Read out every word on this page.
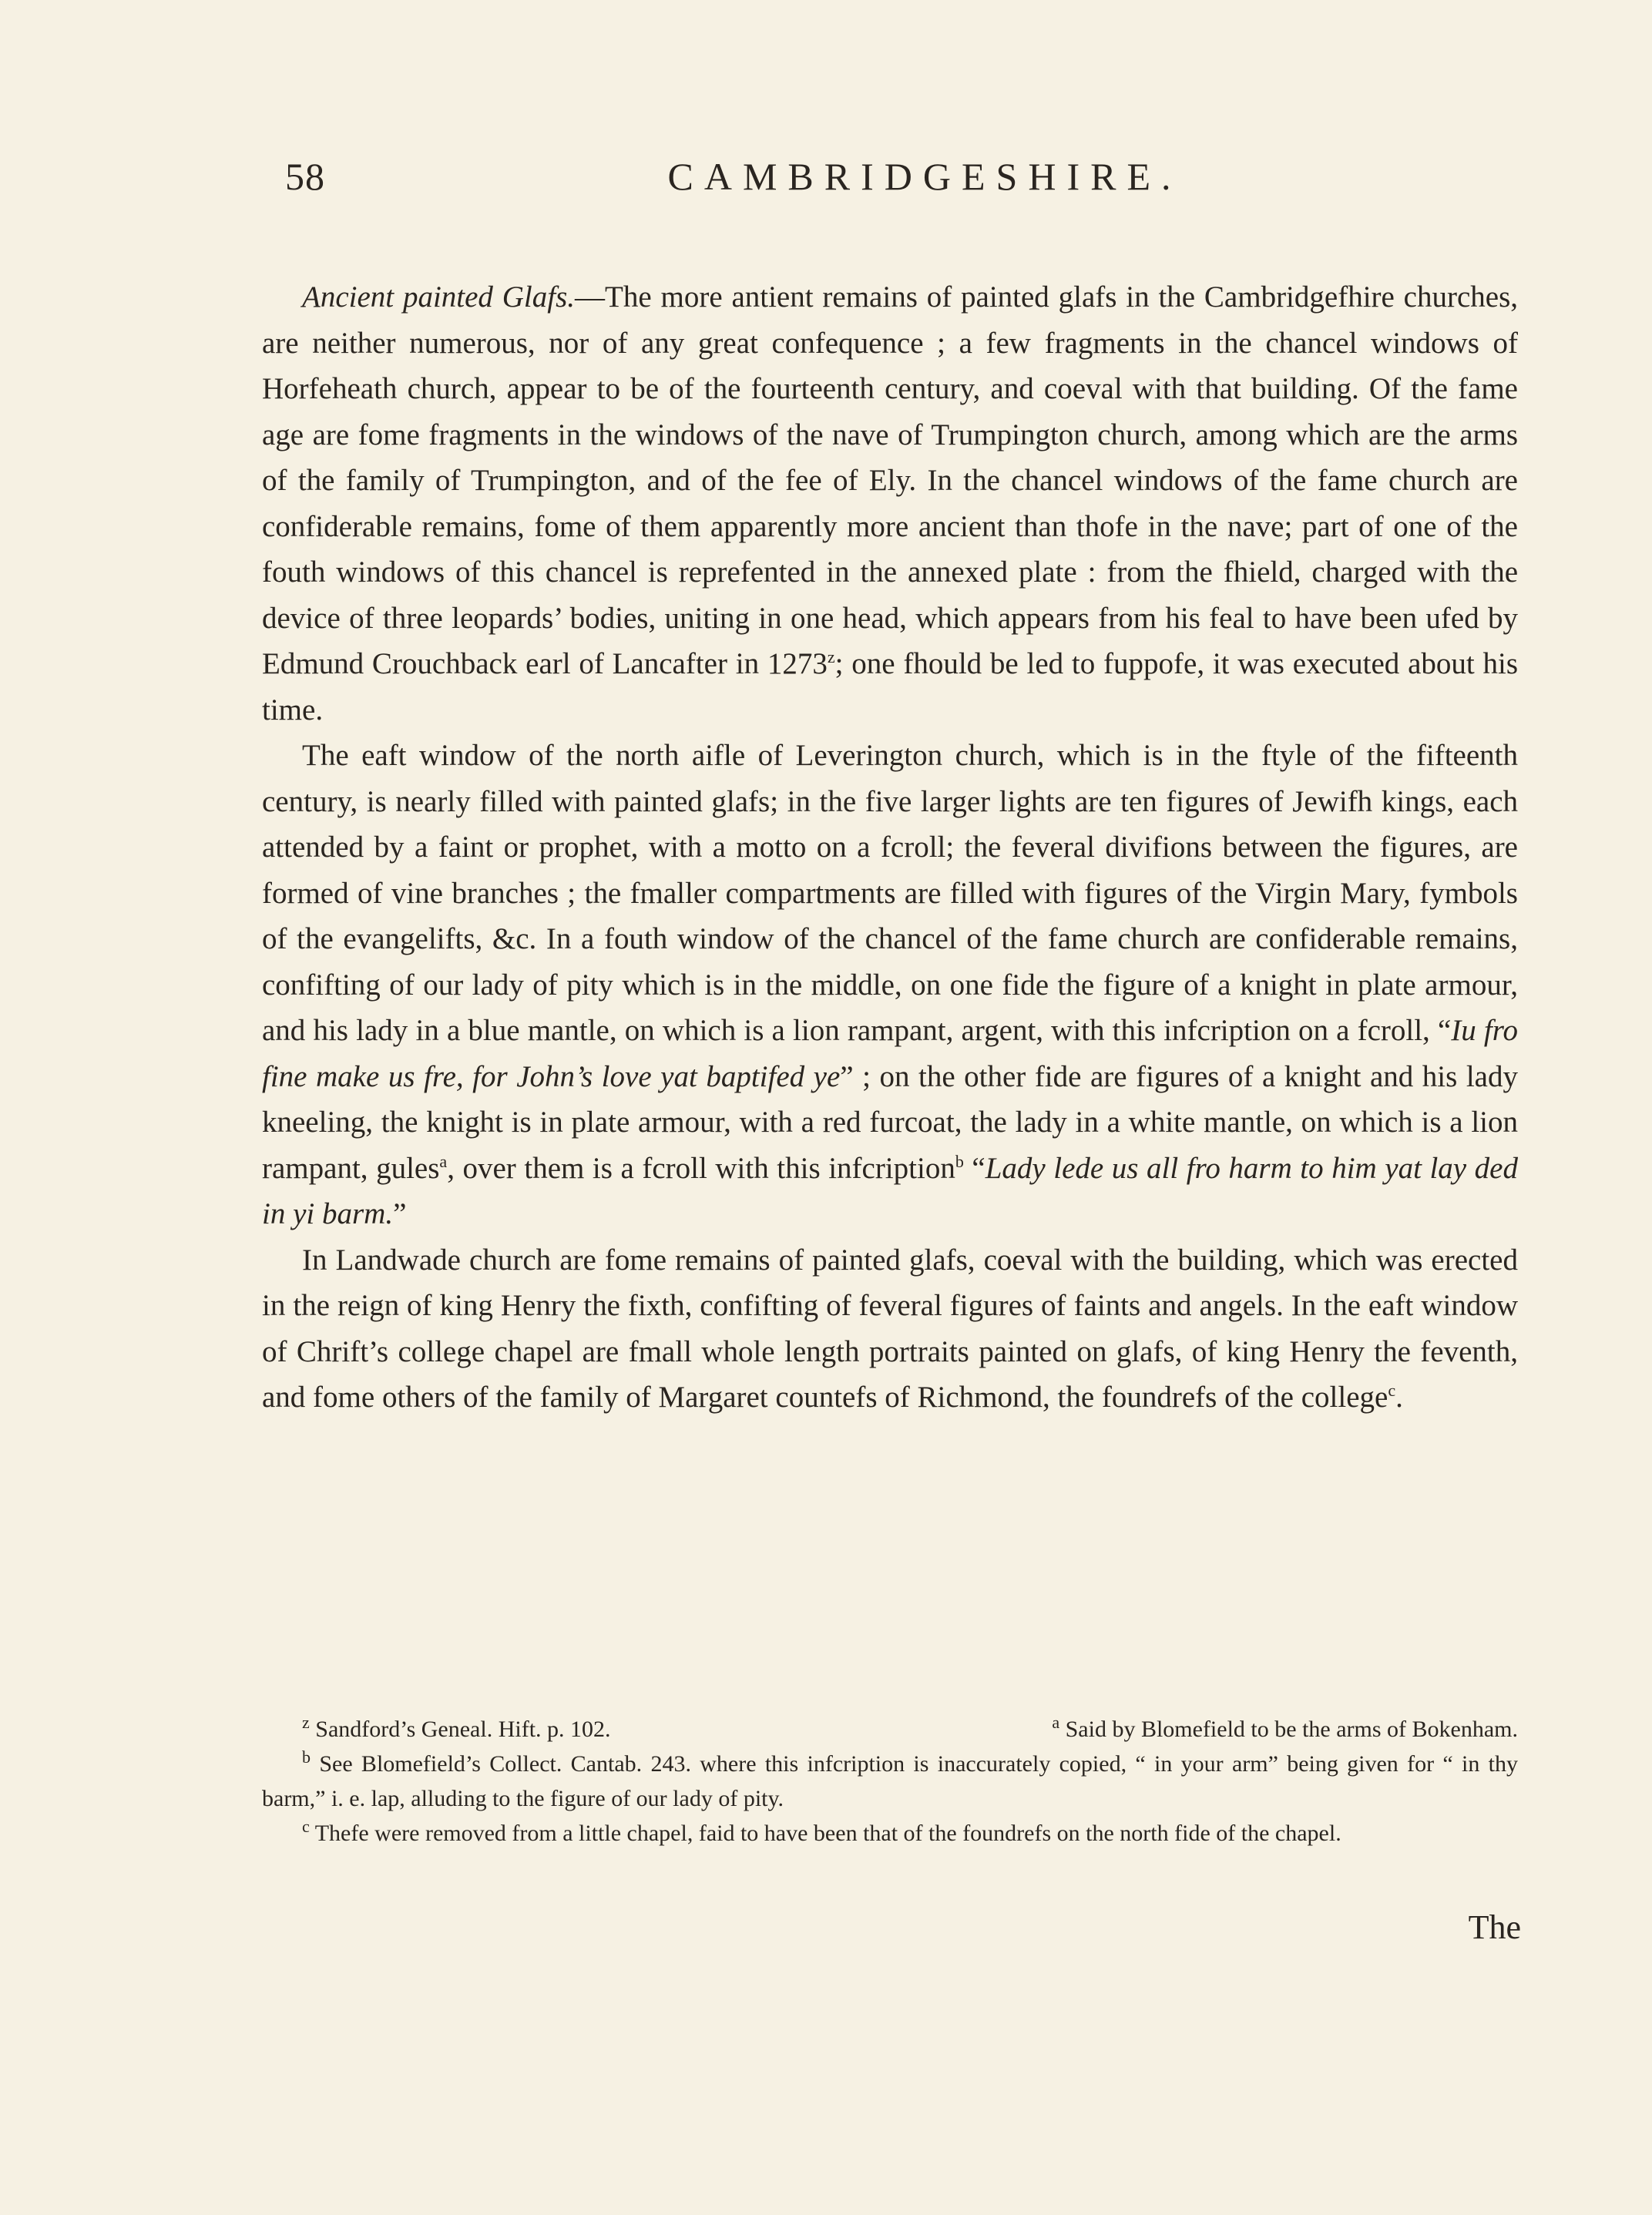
58	CAMBRIDGESHIRE.

Ancient painted Glafs.—The more antient remains of painted glafs in the Cambridgefhire churches, are neither numerous, nor of any great confequence ; a few fragments in the chancel windows of Horfeheath church, appear to be of the fourteenth century, and coeval with that building. Of the fame age are fome fragments in the windows of the nave of Trumpington church, among which are the arms of the family of Trumpington, and of the fee of Ely. In the chancel windows of the fame church are confiderable remains, fome of them apparently more ancient than thofe in the nave; part of one of the fouth windows of this chancel is reprefented in the annexed plate : from the fhield, charged with the device of three leopards’ bodies, uniting in one head, which appears from his feal to have been ufed by Edmund Crouchback earl of Lancafter in 1273$^z$; one fhould be led to fuppofe, it was executed about his time.

The eaft window of the north aifle of Leverington church, which is in the ftyle of the fifteenth century, is nearly filled with painted glafs; in the five larger lights are ten figures of Jewifh kings, each attended by a faint or prophet, with a motto on a fcroll; the feveral divifions between the figures, are formed of vine branches ; the fmaller compartments are filled with figures of the Virgin Mary, fymbols of the evangelifts, &c. In a fouth window of the chancel of the fame church are confiderable remains, confifting of our lady of pity which is in the middle, on one fide the figure of a knight in plate armour, and his lady in a blue mantle, on which is a lion rampant, argent, with this infcription on a fcroll, “Iu fro fine make us fre, for John’s love yat baptifed ye” ; on the other fide are figures of a knight and his lady kneeling, the knight is in plate armour, with a red furcoat, the lady in a white mantle, on which is a lion rampant, gules$^a$, over them is a fcroll with this infcription$^b$ “Lady lede us all fro harm to him yat lay ded in yi barm.”

In Landwade church are fome remains of painted glafs, coeval with the building, which was erected in the reign of king Henry the fixth, confifting of feveral figures of faints and angels. In the eaft window of Chrift’s college chapel are fmall whole length portraits painted on glafs, of king Henry the feventh, and fome others of the family of Margaret countefs of Richmond, the foundrefs of the college$^c$.

$^z$ Sandford’s Geneal. Hift. p. 102.	$^a$ Said by Blomefield to be the arms of Bokenham.

$^b$ See Blomefield’s Collect. Cantab. 243. where this infcription is inaccurately copied, “ in your arm” being given for “ in thy barm,” i. e. lap, alluding to the figure of our lady of pity.

$^c$ Thefe were removed from a little chapel, faid to have been that of the foundrefs on the north fide of the chapel.

The
